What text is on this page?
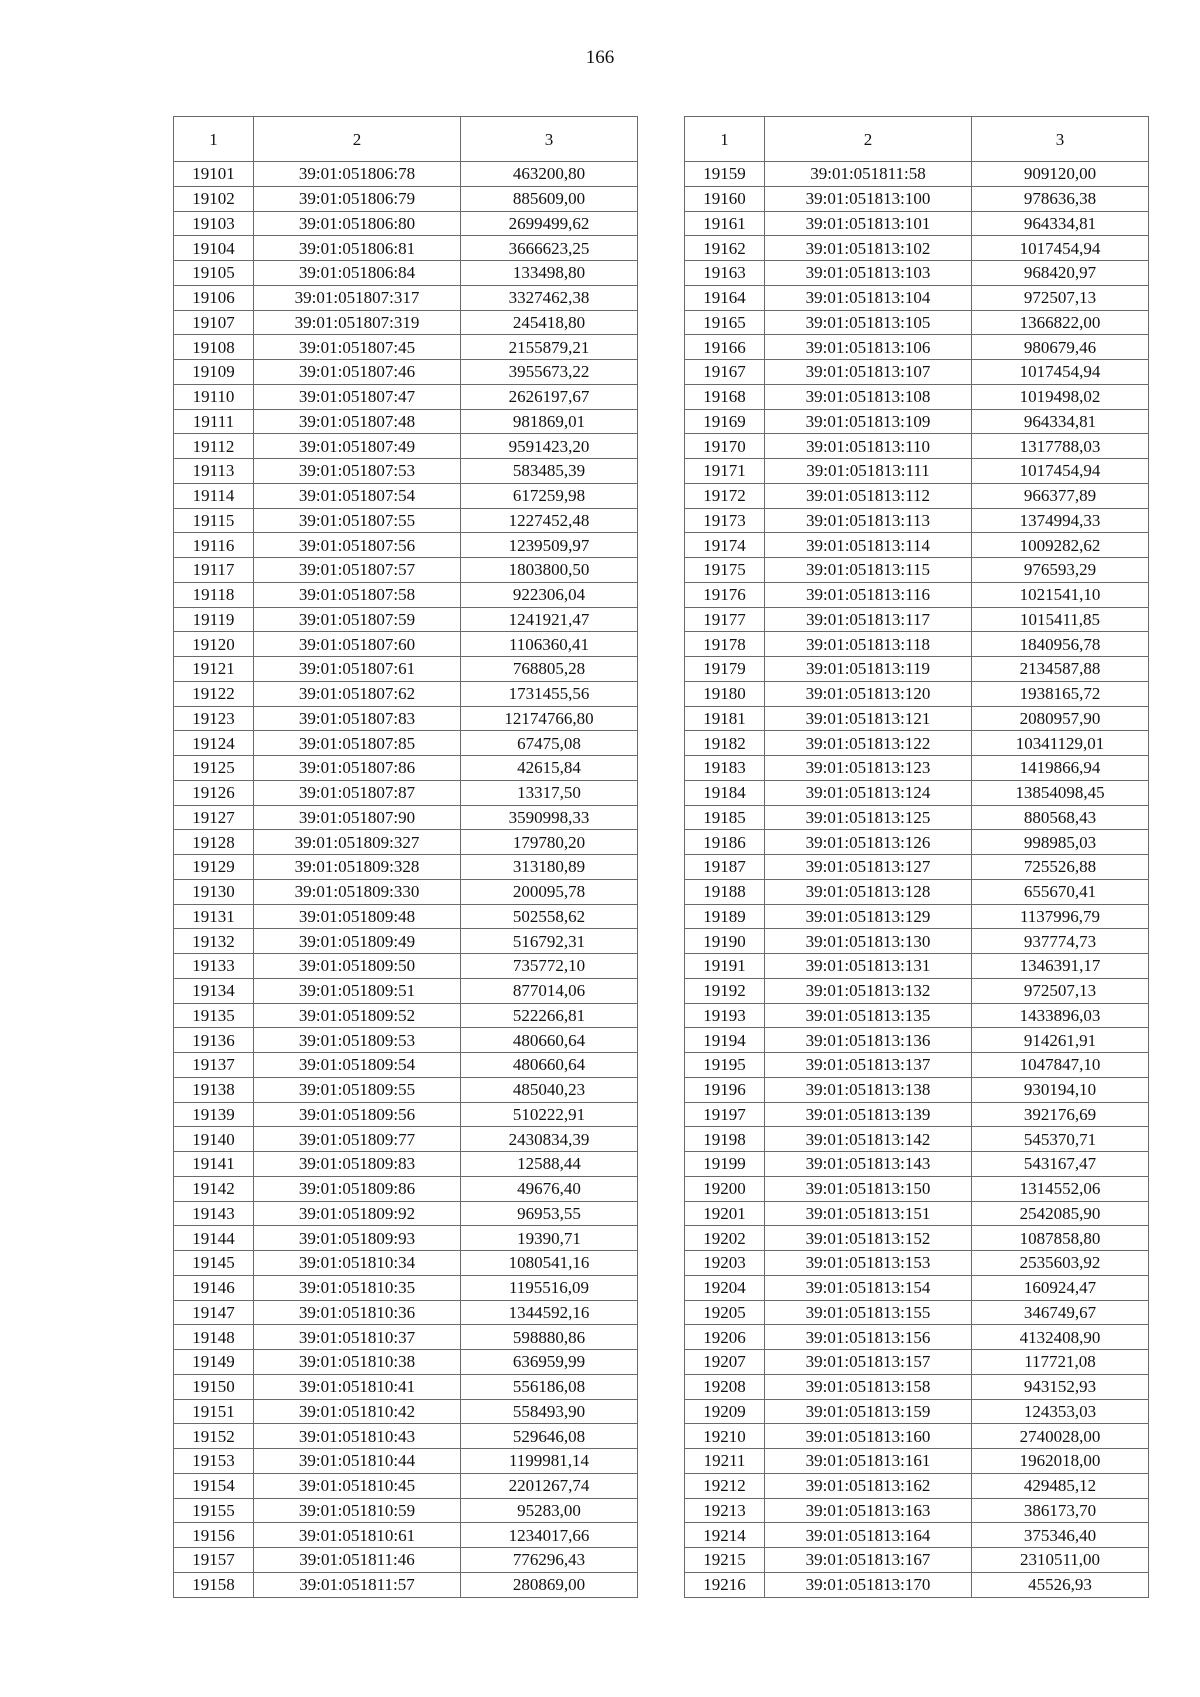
166
1	2	3
19101	39:01:051806:78	463200,80
19102	39:01:051806:79	885609,00
19103	39:01:051806:80	2699499,62
19104	39:01:051806:81	3666623,25
19105	39:01:051806:84	133498,80
19106	39:01:051807:317	3327462,38
19107	39:01:051807:319	245418,80
19108	39:01:051807:45	2155879,21
19109	39:01:051807:46	3955673,22
19110	39:01:051807:47	2626197,67
19111	39:01:051807:48	981869,01
19112	39:01:051807:49	9591423,20
19113	39:01:051807:53	583485,39
19114	39:01:051807:54	617259,98
19115	39:01:051807:55	1227452,48
19116	39:01:051807:56	1239509,97
19117	39:01:051807:57	1803800,50
19118	39:01:051807:58	922306,04
19119	39:01:051807:59	1241921,47
19120	39:01:051807:60	1106360,41
19121	39:01:051807:61	768805,28
19122	39:01:051807:62	1731455,56
19123	39:01:051807:83	12174766,80
19124	39:01:051807:85	67475,08
19125	39:01:051807:86	42615,84
19126	39:01:051807:87	13317,50
19127	39:01:051807:90	3590998,33
19128	39:01:051809:327	179780,20
19129	39:01:051809:328	313180,89
19130	39:01:051809:330	200095,78
19131	39:01:051809:48	502558,62
19132	39:01:051809:49	516792,31
19133	39:01:051809:50	735772,10
19134	39:01:051809:51	877014,06
19135	39:01:051809:52	522266,81
19136	39:01:051809:53	480660,64
19137	39:01:051809:54	480660,64
19138	39:01:051809:55	485040,23
19139	39:01:051809:56	510222,91
19140	39:01:051809:77	2430834,39
19141	39:01:051809:83	12588,44
19142	39:01:051809:86	49676,40
19143	39:01:051809:92	96953,55
19144	39:01:051809:93	19390,71
19145	39:01:051810:34	1080541,16
19146	39:01:051810:35	1195516,09
19147	39:01:051810:36	1344592,16
19148	39:01:051810:37	598880,86
19149	39:01:051810:38	636959,99
19150	39:01:051810:41	556186,08
19151	39:01:051810:42	558493,90
19152	39:01:051810:43	529646,08
19153	39:01:051810:44	1199981,14
19154	39:01:051810:45	2201267,74
19155	39:01:051810:59	95283,00
19156	39:01:051810:61	1234017,66
19157	39:01:051811:46	776296,43
19158	39:01:051811:57	280869,00
1	2	3
19159	39:01:051811:58	909120,00
19160	39:01:051813:100	978636,38
19161	39:01:051813:101	964334,81
19162	39:01:051813:102	1017454,94
19163	39:01:051813:103	968420,97
19164	39:01:051813:104	972507,13
19165	39:01:051813:105	1366822,00
19166	39:01:051813:106	980679,46
19167	39:01:051813:107	1017454,94
19168	39:01:051813:108	1019498,02
19169	39:01:051813:109	964334,81
19170	39:01:051813:110	1317788,03
19171	39:01:051813:111	1017454,94
19172	39:01:051813:112	966377,89
19173	39:01:051813:113	1374994,33
19174	39:01:051813:114	1009282,62
19175	39:01:051813:115	976593,29
19176	39:01:051813:116	1021541,10
19177	39:01:051813:117	1015411,85
19178	39:01:051813:118	1840956,78
19179	39:01:051813:119	2134587,88
19180	39:01:051813:120	1938165,72
19181	39:01:051813:121	2080957,90
19182	39:01:051813:122	10341129,01
19183	39:01:051813:123	1419866,94
19184	39:01:051813:124	13854098,45
19185	39:01:051813:125	880568,43
19186	39:01:051813:126	998985,03
19187	39:01:051813:127	725526,88
19188	39:01:051813:128	655670,41
19189	39:01:051813:129	1137996,79
19190	39:01:051813:130	937774,73
19191	39:01:051813:131	1346391,17
19192	39:01:051813:132	972507,13
19193	39:01:051813:135	1433896,03
19194	39:01:051813:136	914261,91
19195	39:01:051813:137	1047847,10
19196	39:01:051813:138	930194,10
19197	39:01:051813:139	392176,69
19198	39:01:051813:142	545370,71
19199	39:01:051813:143	543167,47
19200	39:01:051813:150	1314552,06
19201	39:01:051813:151	2542085,90
19202	39:01:051813:152	1087858,80
19203	39:01:051813:153	2535603,92
19204	39:01:051813:154	160924,47
19205	39:01:051813:155	346749,67
19206	39:01:051813:156	4132408,90
19207	39:01:051813:157	117721,08
19208	39:01:051813:158	943152,93
19209	39:01:051813:159	124353,03
19210	39:01:051813:160	2740028,00
19211	39:01:051813:161	1962018,00
19212	39:01:051813:162	429485,12
19213	39:01:051813:163	386173,70
19214	39:01:051813:164	375346,40
19215	39:01:051813:167	2310511,00
19216	39:01:051813:170	45526,93
